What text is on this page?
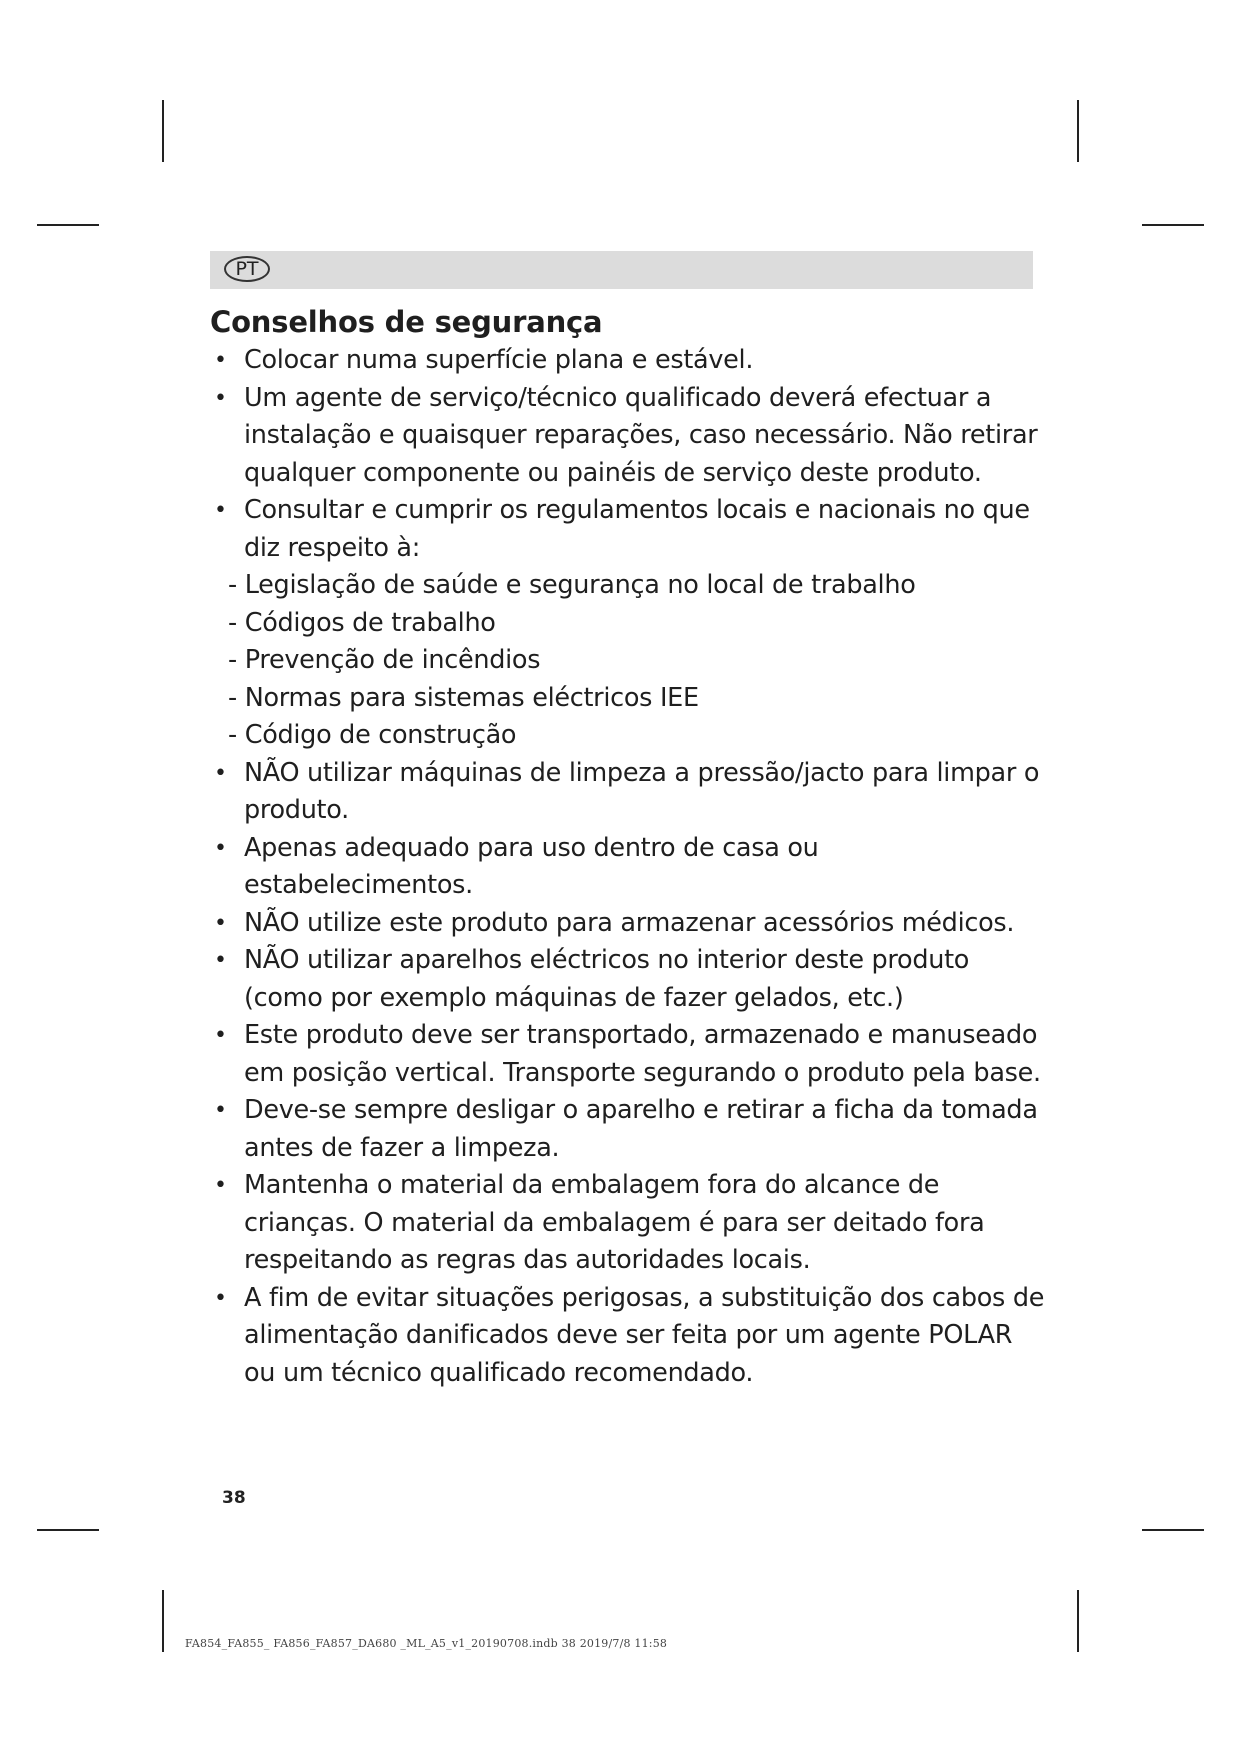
PT
Conselhos de segurança
• Colocar numa superfície plana e estável.
• Um agente de serviço/técnico qualificado deverá efectuar a instalação e quaisquer reparações, caso necessário. Não retirar qualquer componente ou painéis de serviço deste produto.
• Consultar e cumprir os regulamentos locais e nacionais no que diz respeito à:
- Legislação de saúde e segurança no local de trabalho
- Códigos de trabalho
- Prevenção de incêndios
- Normas para sistemas eléctricos IEE
- Código de construção
• NÃO utilizar máquinas de limpeza a pressão/jacto para limpar o produto.
• Apenas adequado para uso dentro de casa ou estabelecimentos.
• NÃO utilize este produto para armazenar acessórios médicos.
• NÃO utilizar aparelhos eléctricos no interior deste produto (como por exemplo máquinas de fazer gelados, etc.)
• Este produto deve ser transportado, armazenado e manuseado em posição vertical. Transporte segurando o produto pela base.
• Deve-se sempre desligar o aparelho e retirar a ficha da tomada antes de fazer a limpeza.
• Mantenha o material da embalagem fora do alcance de crianças. O material da embalagem é para ser deitado fora respeitando as regras das autoridades locais.
• A fim de evitar situações perigosas, a substituição dos cabos de alimentação danificados deve ser feita por um agente POLAR ou um técnico qualificado recomendado.
38
FA854_FA855_ FA856_FA857_DA680 _ML_A5_v1_20190708.indb 38 2019/7/8 11:58
